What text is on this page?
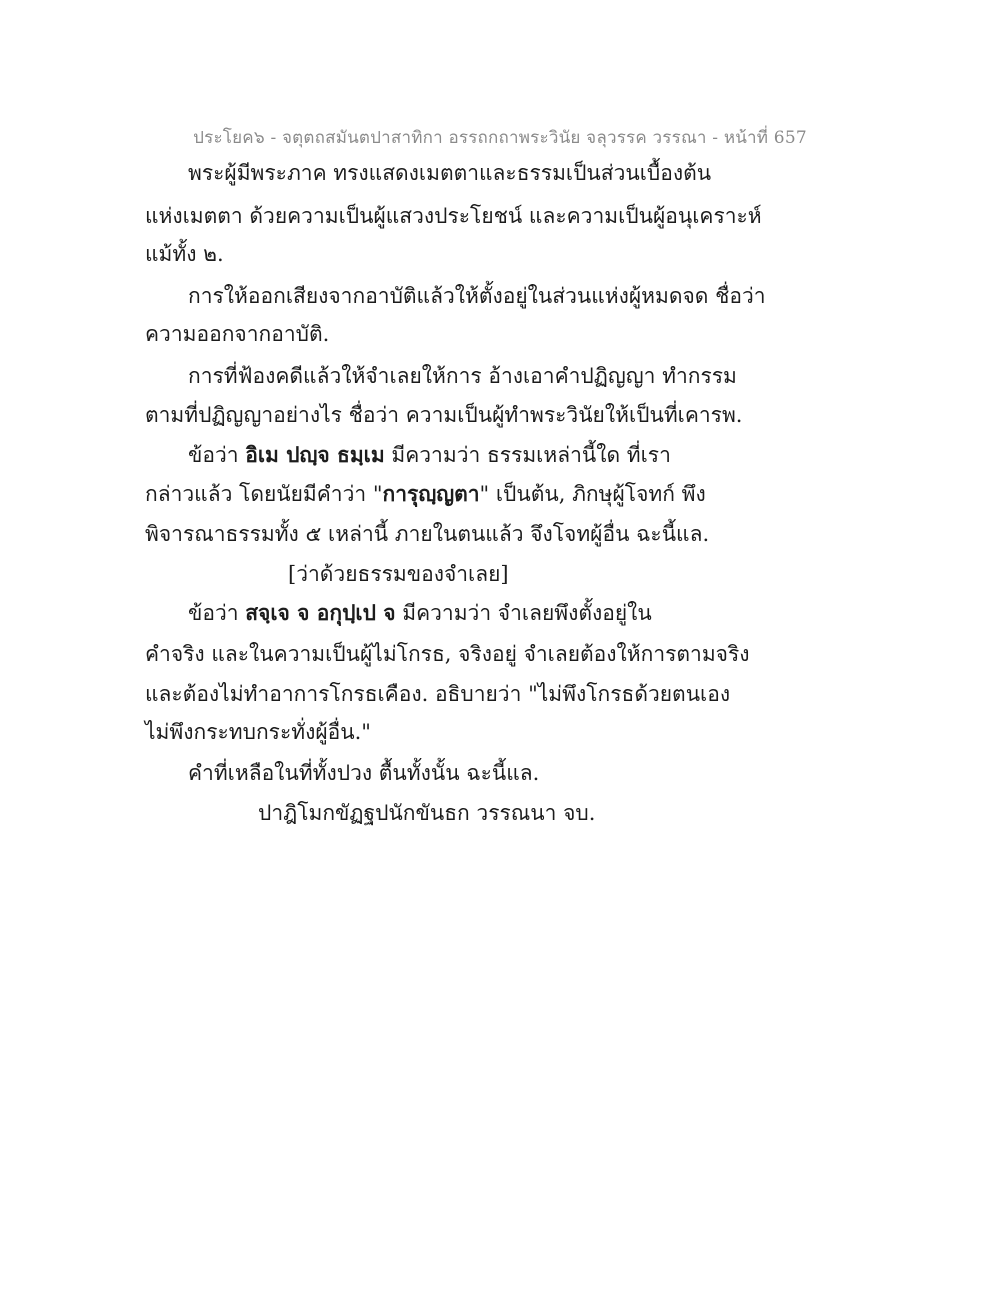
ประโยค๖ - จตุตถสมันตปาสาทิกา อรรถกถาพระวินัย จลุวรรค วรรณา - หน้าที่ 657
พระผู้มีพระภาค ทรงแสดงเมตตาและธรรมเป็นส่วนเบื้องต้น
แห่งเมตตา ด้วยความเป็นผู้แสวงประโยชน์ และความเป็นผู้อนุเคราะห์
แม้ทั้ง ๒.
การให้ออกเสียงจากอาบัติแล้วให้ตั้งอยู่ในส่วนแห่งผู้หมดจด ชื่อว่า
ความออกจากอาบัติ.
การที่ฟ้องคดีแล้วให้จำเลยให้การ อ้างเอาคำปฏิญญา ทำกรรม
ตามที่ปฏิญญาอย่างไร ชื่อว่า ความเป็นผู้ทำพระวินัยให้เป็นที่เคารพ.
ข้อว่า อิเม ปญฺจ ธมฺเม มีความว่า ธรรมเหล่านี้ใด ที่เรา
กล่าวแล้ว โดยนัยมีคำว่า "การุญฺญตา" เป็นต้น, ภิกษุผู้โจทก์ พึง
พิจารณาธรรมทั้ง ๕ เหล่านี้ ภายในตนแล้ว จึงโจทผู้อื่น ฉะนี้แล.
[ว่าด้วยธรรมของจำเลย]
ข้อว่า สจฺเจ จ อกุปฺเป จ มีความว่า จำเลยพึงตั้งอยู่ใน
คำจริง และในความเป็นผู้ไม่โกรธ, จริงอยู่ จำเลยต้องให้การตามจริง
และต้องไม่ทำอาการโกรธเคือง. อธิบายว่า "ไม่พึงโกรธด้วยตนเอง
ไม่พึงกระทบกระทั่งผู้อื่น."
คำที่เหลือในที่ทั้งปวง ตื้นทั้งนั้น ฉะนี้แล.
ปาฎิโมกขัฏฐปนักขันธก วรรณนา จบ.
